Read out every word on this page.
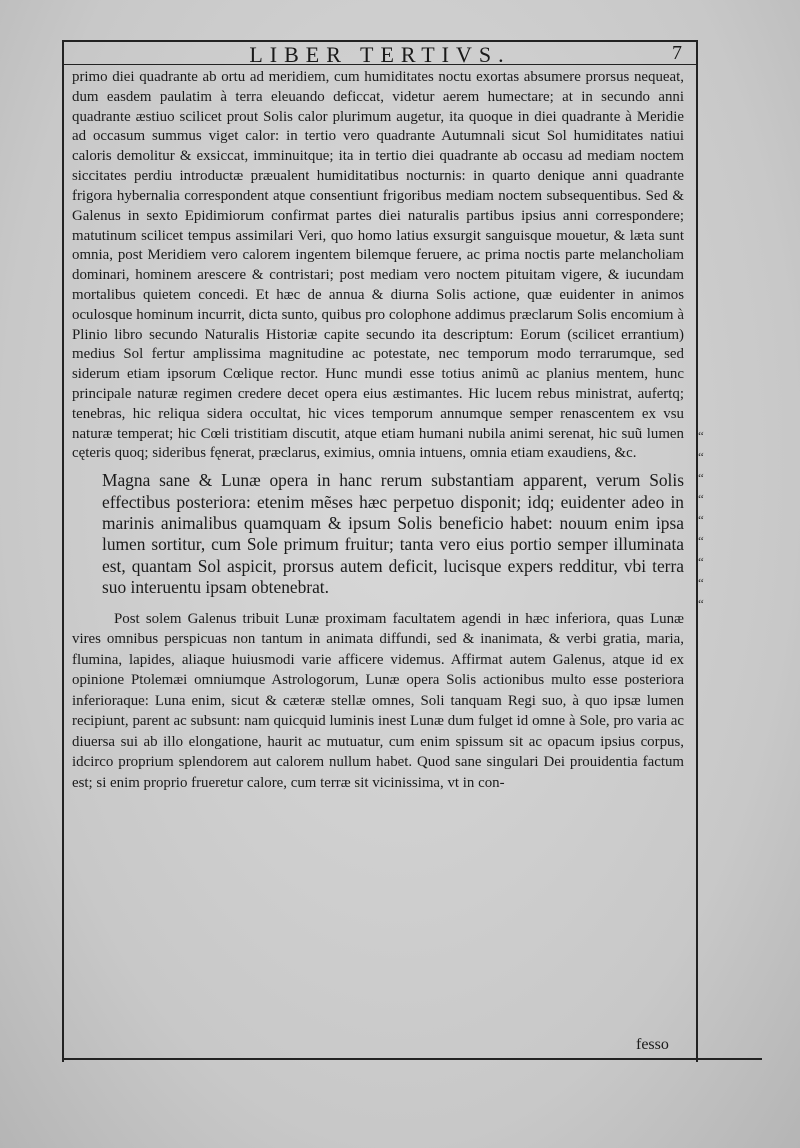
LIBER TERTIVS.	7

primo diei quadrante ab ortu ad meridiem, cum humiditates noctu exortas absumere prorsus nequeat, dum easdem paulatim à terra eleuando deficcat, videtur aerem humectare; at in secundo anni quadrante æstiuo scilicet prout Solis calor plurimum augetur, ita quoque in diei quadrante à Meridie ad occasum summus viget calor: in tertio vero quadrante Autumnali sicut Sol humiditates natiui caloris demolitur & exsiccat, imminuitque; ita in tertio diei quadrante ab occasu ad mediam noctem siccitates perdiu introductæ præualent humiditatibus nocturnis: in quarto denique anni quadrante frigora hybernalia correspondent atque consentiunt frigoribus mediam noctem subsequentibus. Sed & Galenus in sexto Epidimiorum confirmat partes diei naturalis partibus ipsius anni correspondere; matutinum scilicet tempus assimilari Veri, quo homo latius exsurgit sanguisque mouetur, & læta sunt omnia, post Meridiem vero calorem ingentem bilemque feruere, ac prima noctis parte melancholiam dominari, hominem arescere & contristari; post mediam vero noctem pituitam vigere, & iucundam mortalibus quietem concedi. Et hæc de annua & diurna Solis actione, quæ euidenter in animos oculosque hominum incurrit, dicta sunto, quibus pro colophone addimus præclarum Solis encomium à Plinio libro secundo Naturalis Historiæ capite secundo ita descriptum: Eorum (scilicet errantium) medius Sol fertur amplissima magnitudine ac potestate, nec temporum modo terrarumque, sed siderum etiam ipsorum Cœlique rector. Hunc mundi esse totius animũ ac planius mentem, hunc principale naturæ regimen credere decet opera eius æstimantes. Hic lucem rebus ministrat, aufertq; tenebras, hic reliqua sidera occultat, hic vices temporum annumque semper renascentem ex vsu naturæ temperat; hic Cœli tristitiam discutit, atque etiam humani nubila animi serenat, hic suũ lumen cęteris quoq; sideribus fęnerat, præclarus, eximius, omnia intuens, omnia etiam exaudiens, &c.

Magna sane & Lunæ opera in hanc rerum substantiam apparent, verum Solis effectibus posteriora: etenim mẽses hæc perpetuo disponit; idq; euidenter adeo in marinis animalibus quamquam & ipsum Solis beneficio habet: nouum enim ipsa lumen sortitur, cum Sole primum fruitur; tanta vero eius portio semper illuminata est, quantam Sol aspicit, prorsus autem deficit, lucisque expers redditur, vbi terra suo interuentu ipsam obtenebrat.

Post solem Galenus tribuit Lunæ proximam facultatem agendi in hæc inferiora, quas Lunæ vires omnibus perspicuas non tantum in animata diffundi, sed & inanimata, & verbi gratia, maria, flumina, lapides, aliaque huiusmodi varie afficere videmus. Affirmat autem Galenus, atque id ex opinione Ptolemæi omniumque Astrologorum, Lunæ opera Solis actionibus multo esse posteriora inferioraque: Luna enim, sicut & cæteræ stellæ omnes, Soli tanquam Regi suo, à quo ipsæ lumen recipiunt, parent ac subsunt: nam quicquid luminis inest Lunæ dum fulget id omne à Sole, pro varia ac diuersa sui ab illo elongatione, haurit ac mutuatur, cum enim spissum sit ac opacum ipsius corpus, idcirco proprium splendorem aut calorem nullum habet. Quod sane singulari Dei prouidentia factum est; si enim proprio frueretur calore, cum terræ sit vicinissima, vt in con-

“
“
“
“
“
“
“
“
“
fesso
